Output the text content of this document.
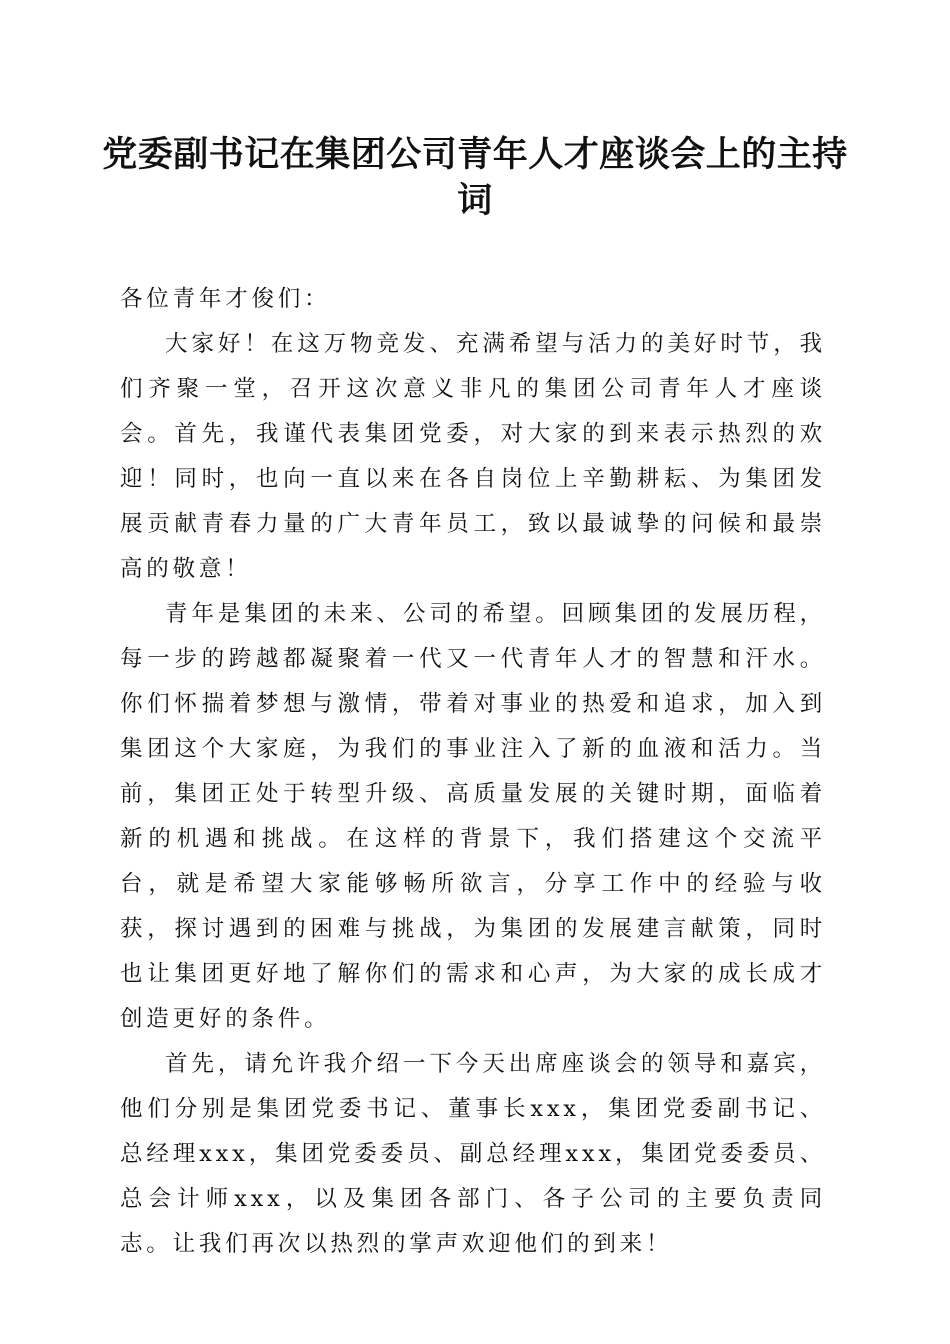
党委副书记在集团公司青年人才座谈会上的主持词

各位青年才俊们：

大家好！在这万物竞发、充满希望与活力的美好时节，我们齐聚一堂，召开这次意义非凡的集团公司青年人才座谈会。首先，我谨代表集团党委，对大家的到来表示热烈的欢迎！同时，也向一直以来在各自岗位上辛勤耕耘、为集团发展贡献青春力量的广大青年员工，致以最诚挚的问候和最崇高的敬意！

青年是集团的未来、公司的希望。回顾集团的发展历程，每一步的跨越都凝聚着一代又一代青年人才的智慧和汗水。你们怀揣着梦想与激情，带着对事业的热爱和追求，加入到集团这个大家庭，为我们的事业注入了新的血液和活力。当前，集团正处于转型升级、高质量发展的关键时期，面临着新的机遇和挑战。在这样的背景下，我们搭建这个交流平台，就是希望大家能够畅所欲言，分享工作中的经验与收获，探讨遇到的困难与挑战，为集团的发展建言献策，同时也让集团更好地了解你们的需求和心声，为大家的成长成才创造更好的条件。

首先，请允许我介绍一下今天出席座谈会的领导和嘉宾，他们分别是集团党委书记、董事长xxx，集团党委副书记、总经理xxx，集团党委委员、副总经理xxx，集团党委委员、总会计师xxx，以及集团各部门、各子公司的主要负责同志。让我们再次以热烈的掌声欢迎他们的到来！
